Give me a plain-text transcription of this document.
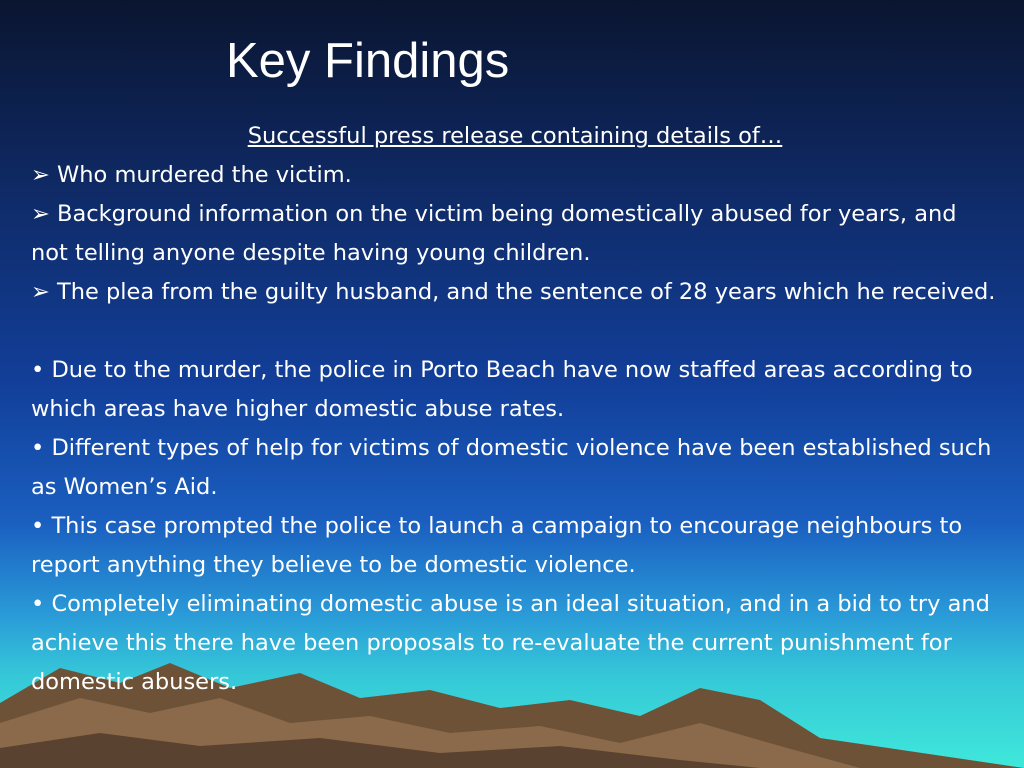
Key Findings

Successful press release containing details of…

➢ Who murdered the victim.

➢ Background information on the victim being domestically abused for years, and not telling anyone despite having young children.

➢ The plea from the guilty husband, and the sentence of 28 years which he received.

• Due to the murder, the police in Porto Beach have now staffed areas according to which areas have higher domestic abuse rates.

• Different types of help for victims of domestic violence have been established such as Women’s Aid.

• This case prompted the police to launch a campaign to encourage neighbours to report anything they believe to be domestic violence.

• Completely eliminating domestic abuse is an ideal situation, and in a bid to try and achieve this there have been proposals to re-evaluate the current punishment for domestic abusers.
